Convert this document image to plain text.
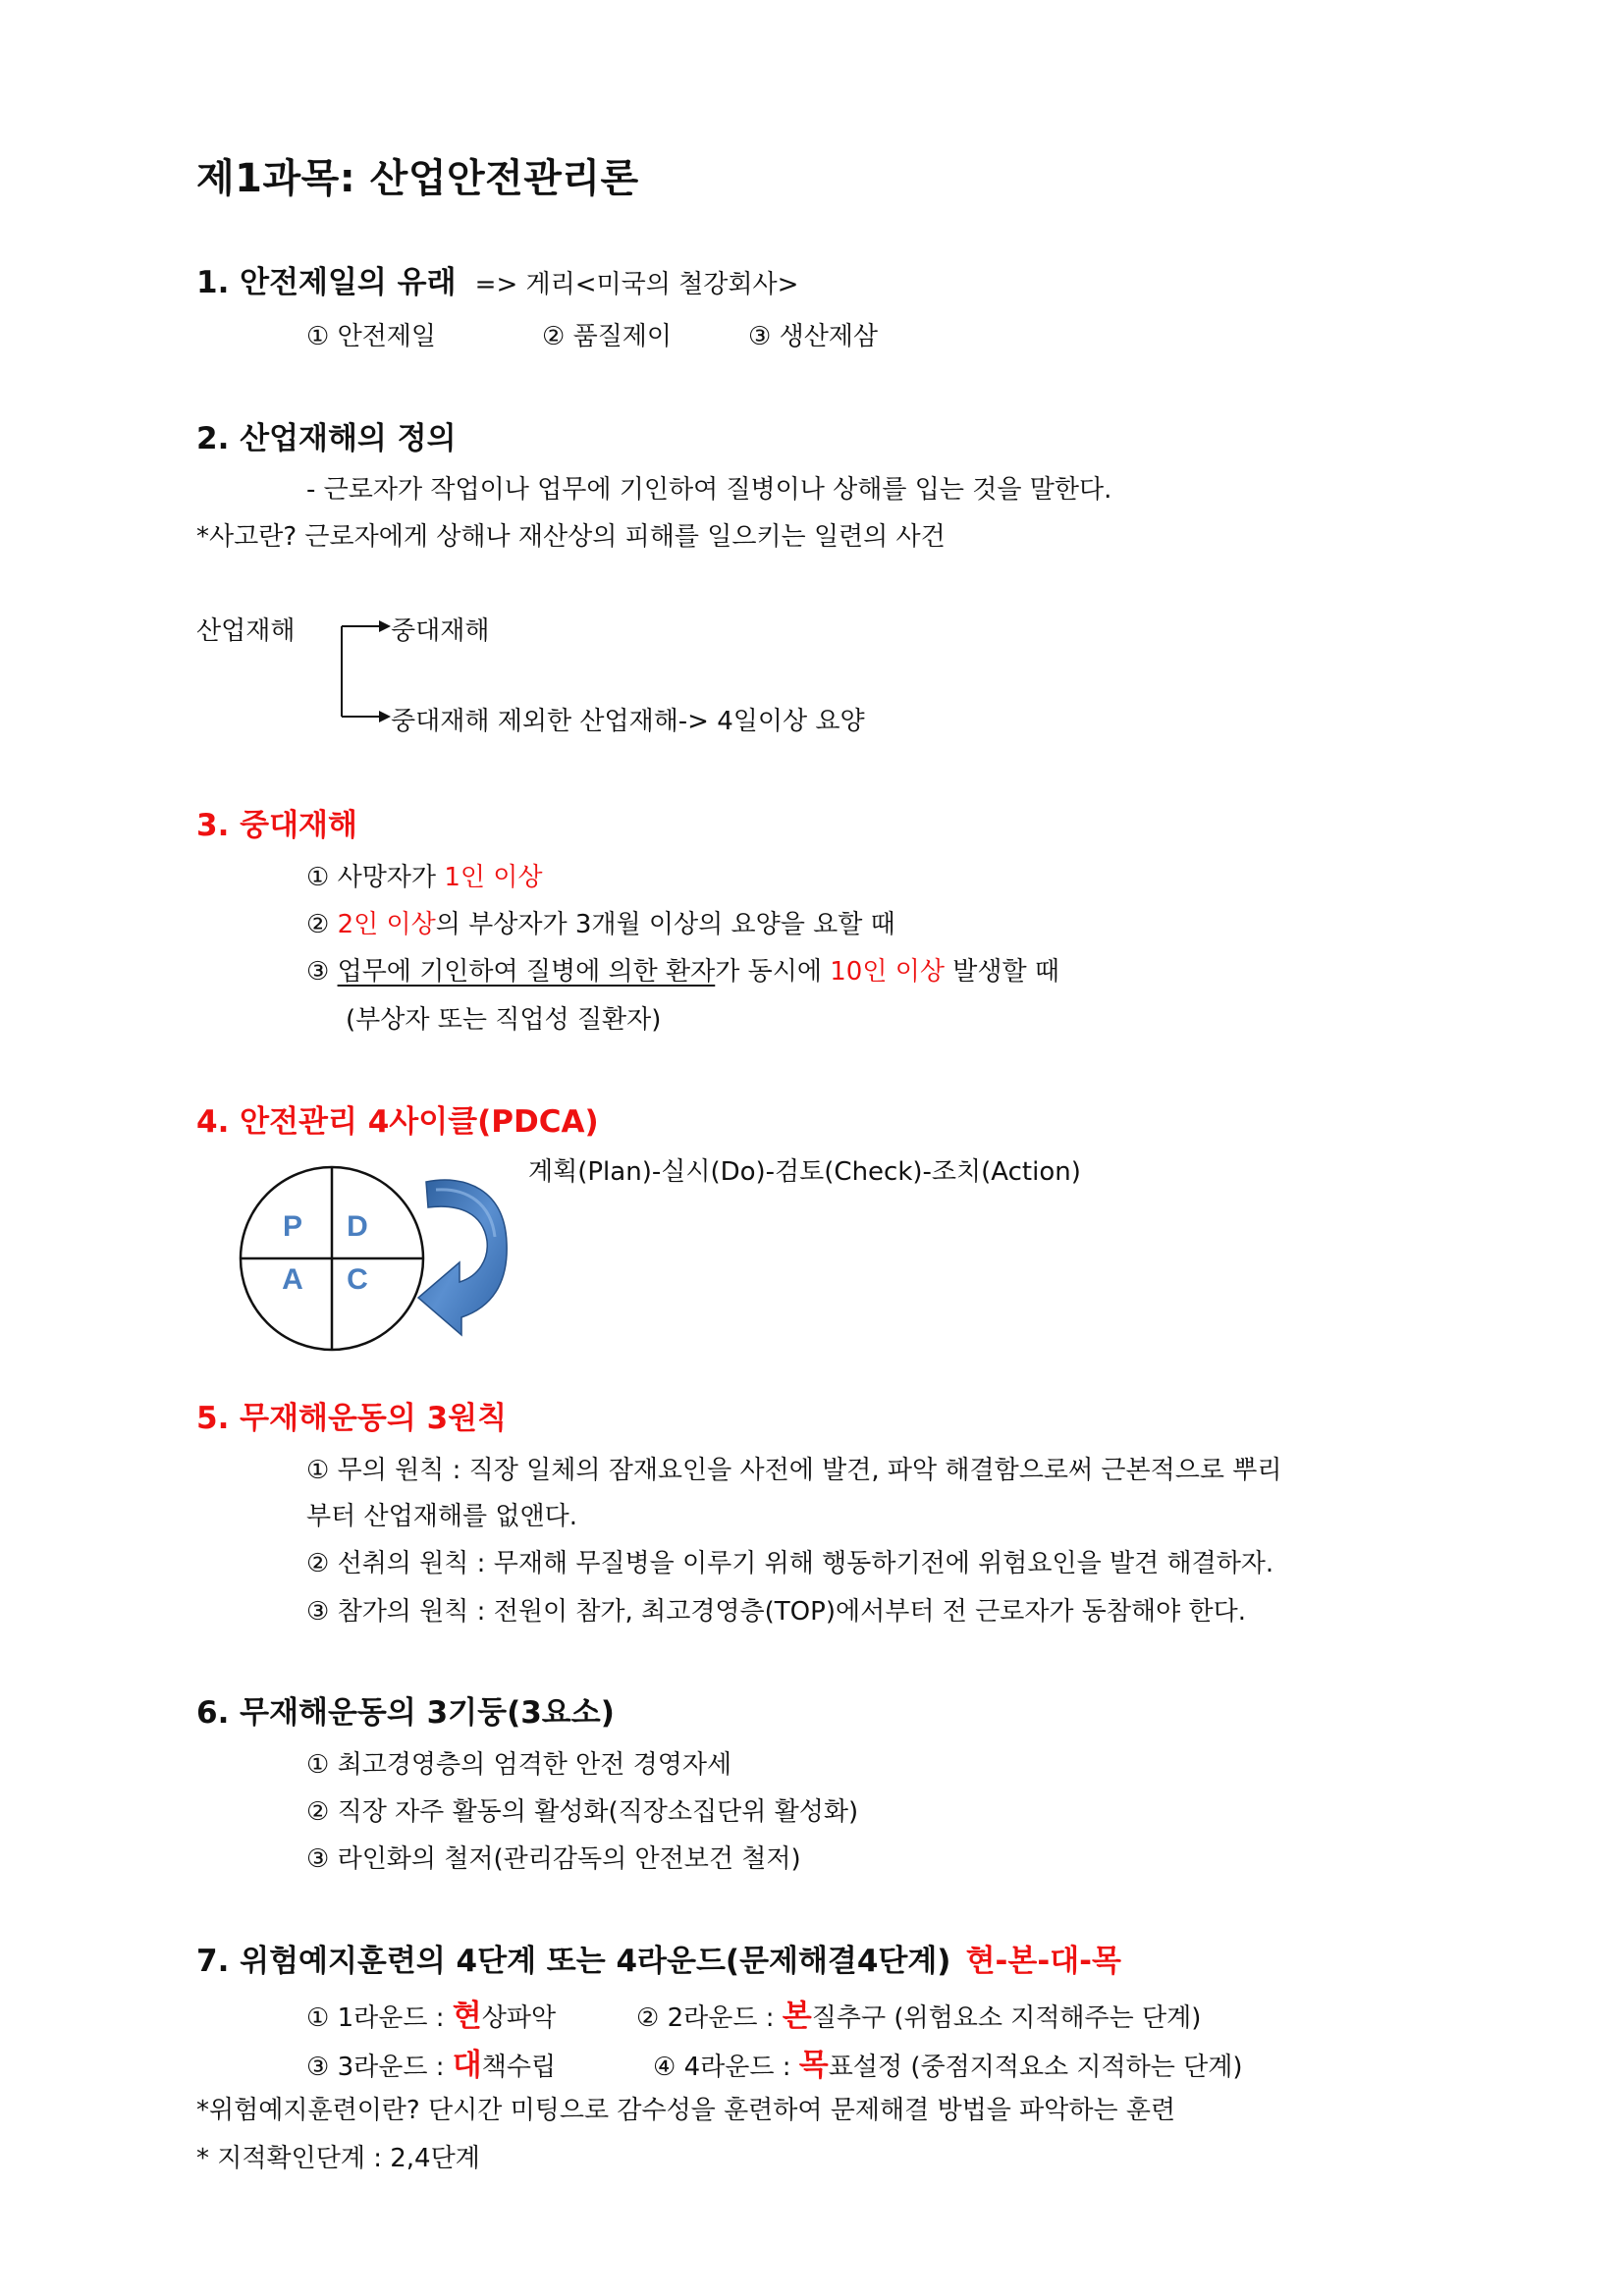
제1과목: 산업안전관리론
1. 안전제일의 유래 => 게리<미국의 철강회사>
① 안전제일	② 품질제이	③ 생산제삼
2. 산업재해의 정의
- 근로자가 작업이나 업무에 기인하여 질병이나 상해를 입는 것을 말한다.
*사고란? 근로자에게 상해나 재산상의 피해를 일으키는 일련의 사건
산업재해	중대재해
중대재해 제외한 산업재해-> 4일이상 요양
3. 중대재해
① 사망자가 1인 이상
② 2인 이상의 부상자가 3개월 이상의 요양을 요할 때
③ 업무에 기인하여 질병에 의한 환자가 동시에 10인 이상 발생할 때
(부상자 또는 직업성 질환자)
4. 안전관리 4사이클(PDCA)
계획(Plan)-실시(Do)-검토(Check)-조치(Action)
P D
A C
5. 무재해운동의 3원칙
① 무의 원칙 : 직장 일체의 잠재요인을 사전에 발견, 파악 해결함으로써 근본적으로 뿌리
부터 산업재해를 없앤다.
② 선취의 원칙 : 무재해 무질병을 이루기 위해 행동하기전에 위험요인을 발견 해결하자.
③ 참가의 원칙 : 전원이 참가, 최고경영층(TOP)에서부터 전 근로자가 동참해야 한다.
6. 무재해운동의 3기둥(3요소)
① 최고경영층의 엄격한 안전 경영자세
② 직장 자주 활동의 활성화(직장소집단위 활성화)
③ 라인화의 철저(관리감독의 안전보건 철저)
7. 위험예지훈련의 4단계 또는 4라운드(문제해결4단계) 현-본-대-목
① 1라운드 : 현상파악	② 2라운드 : 본질추구 (위험요소 지적해주는 단계)
③ 3라운드 : 대책수립	④ 4라운드 : 목표설정 (중점지적요소 지적하는 단계)
*위험예지훈련이란? 단시간 미팅으로 감수성을 훈련하여 문제해결 방법을 파악하는 훈련
* 지적확인단계 : 2,4단계
